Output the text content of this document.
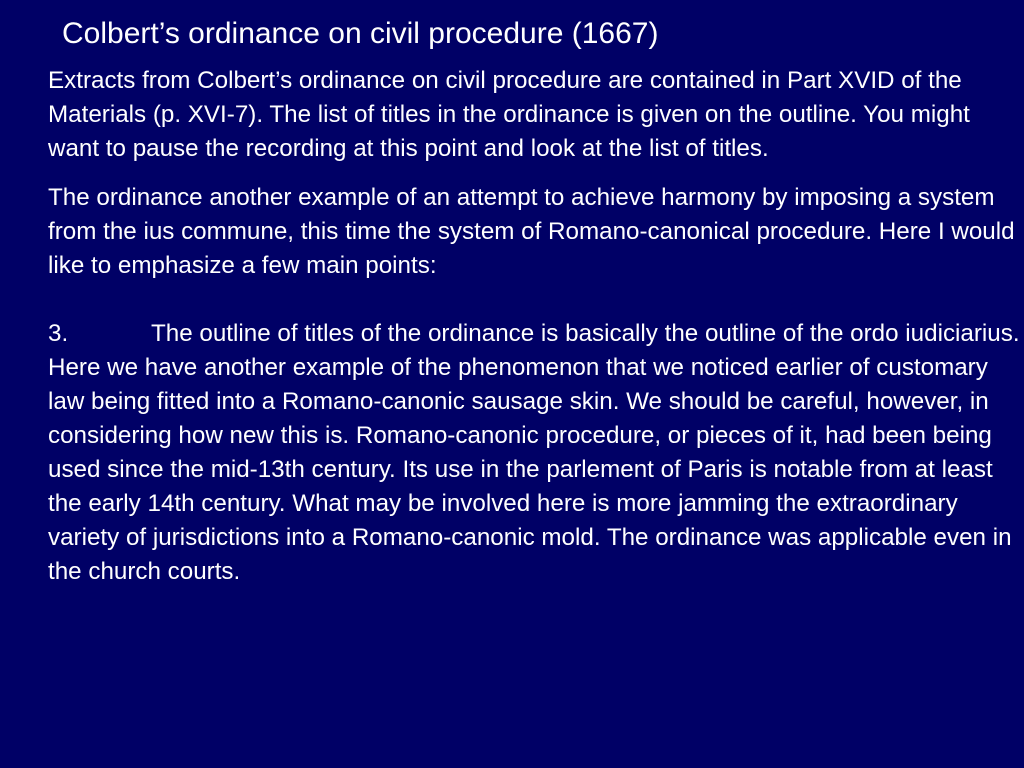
Colbert’s ordinance on civil procedure (1667)

Extracts from Colbert’s ordinance on civil procedure are contained in Part XVID of the Materials (p. XVI-7). The list of titles in the ordinance is given on the outline. You might want to pause the recording at this point and look at the list of titles.

The ordinance another example of an attempt to achieve harmony by imposing a system from the ius commune, this time the system of Romano-canonical procedure. Here I would like to emphasize a few main points:

3.	The outline of titles of the ordinance is basically the outline of the ordo iudiciarius. Here we have another example of the phenomenon that we noticed earlier of customary law being fitted into a Romano-canonic sausage skin. We should be careful, however, in considering how new this is. Romano-canonic procedure, or pieces of it, had been being used since the mid-13th century. Its use in the parlement of Paris is notable from at least the early 14th century. What may be involved here is more jamming the extraordinary variety of jurisdictions into a Romano-canonic mold. The ordinance was applicable even in the church courts.
